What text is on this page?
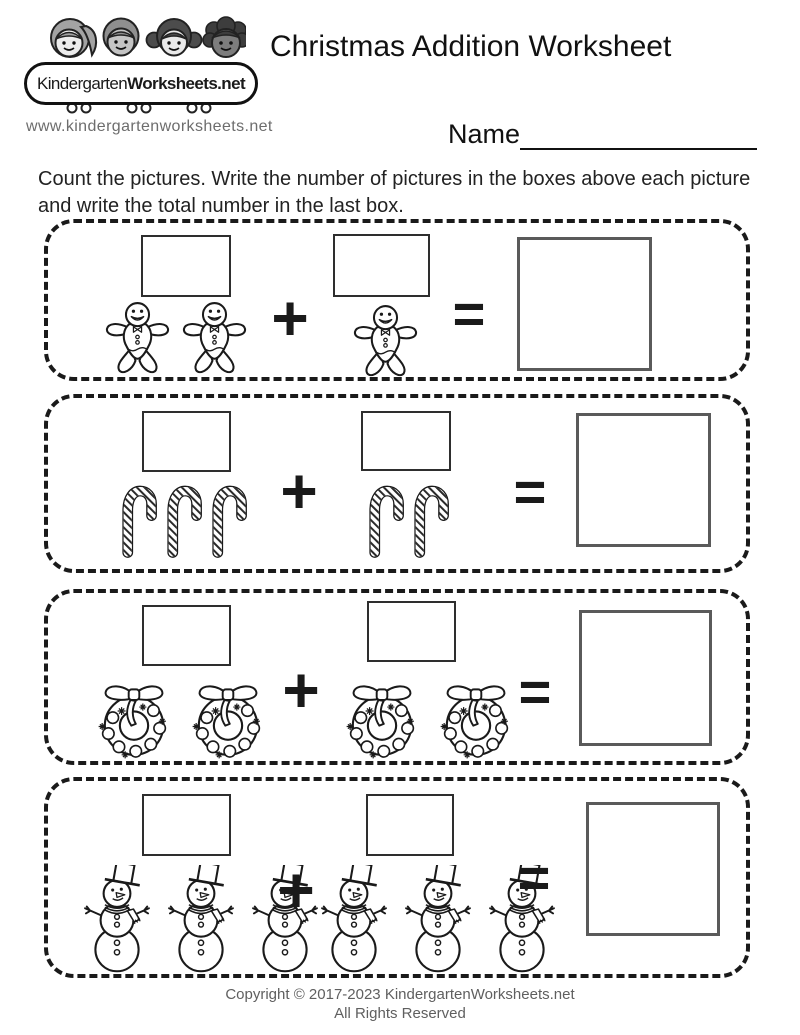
Kindergarten Worksheets.net
www.kindergartenworksheets.net
Christmas Addition Worksheet
Name
Count the pictures. Write the number of pictures in the boxes above each picture and write the total number in the last box.
+	=
+	=
+	=
+	=
Copyright © 2017-2023 KindergartenWorksheets.net
All Rights Reserved
